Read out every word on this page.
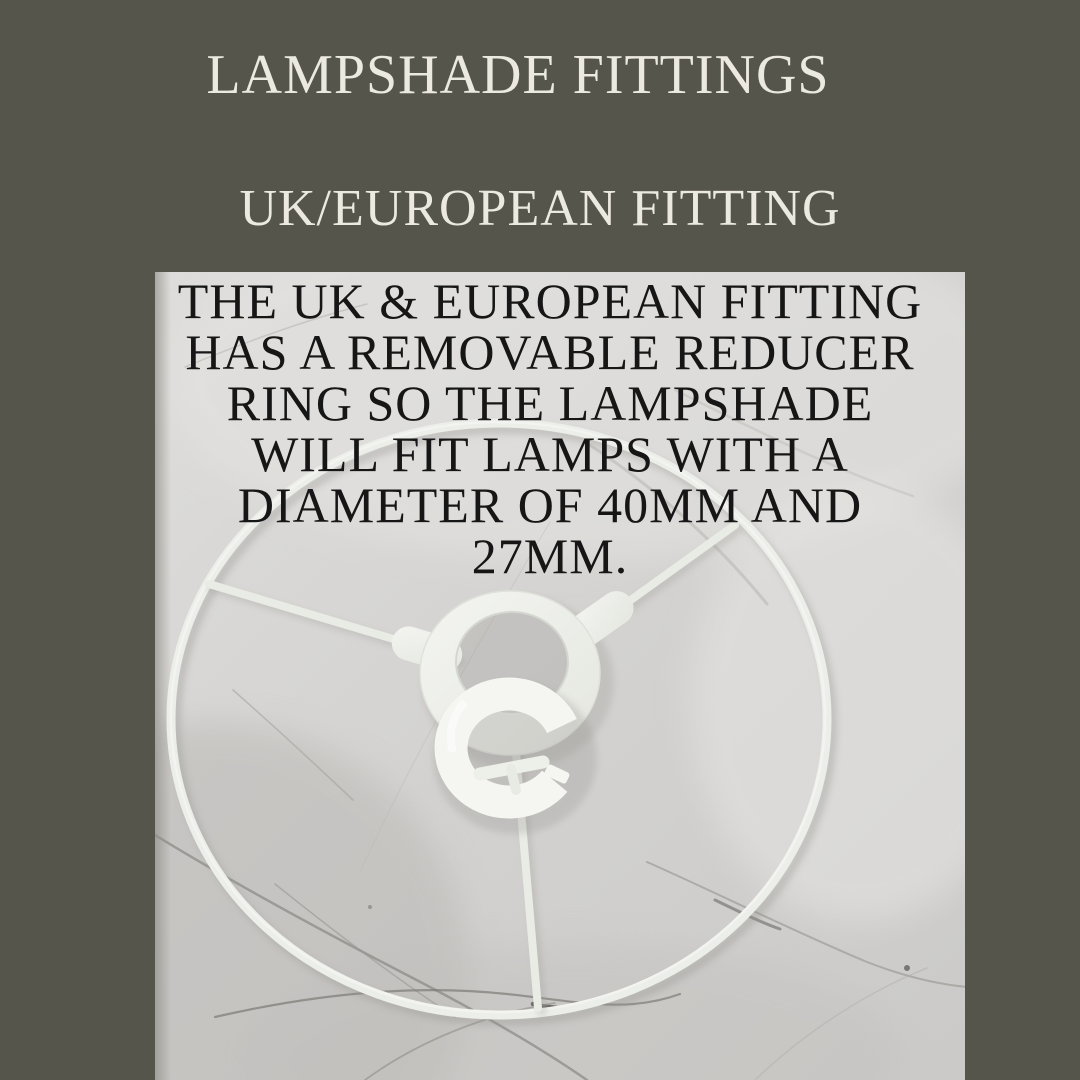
LAMPSHADE FITTINGS
UK/EUROPEAN FITTING
THE UK & EUROPEAN FITTING
HAS A REMOVABLE REDUCER
RING SO THE LAMPSHADE
WILL FIT LAMPS WITH A
DIAMETER OF 40MM AND
27MM.
